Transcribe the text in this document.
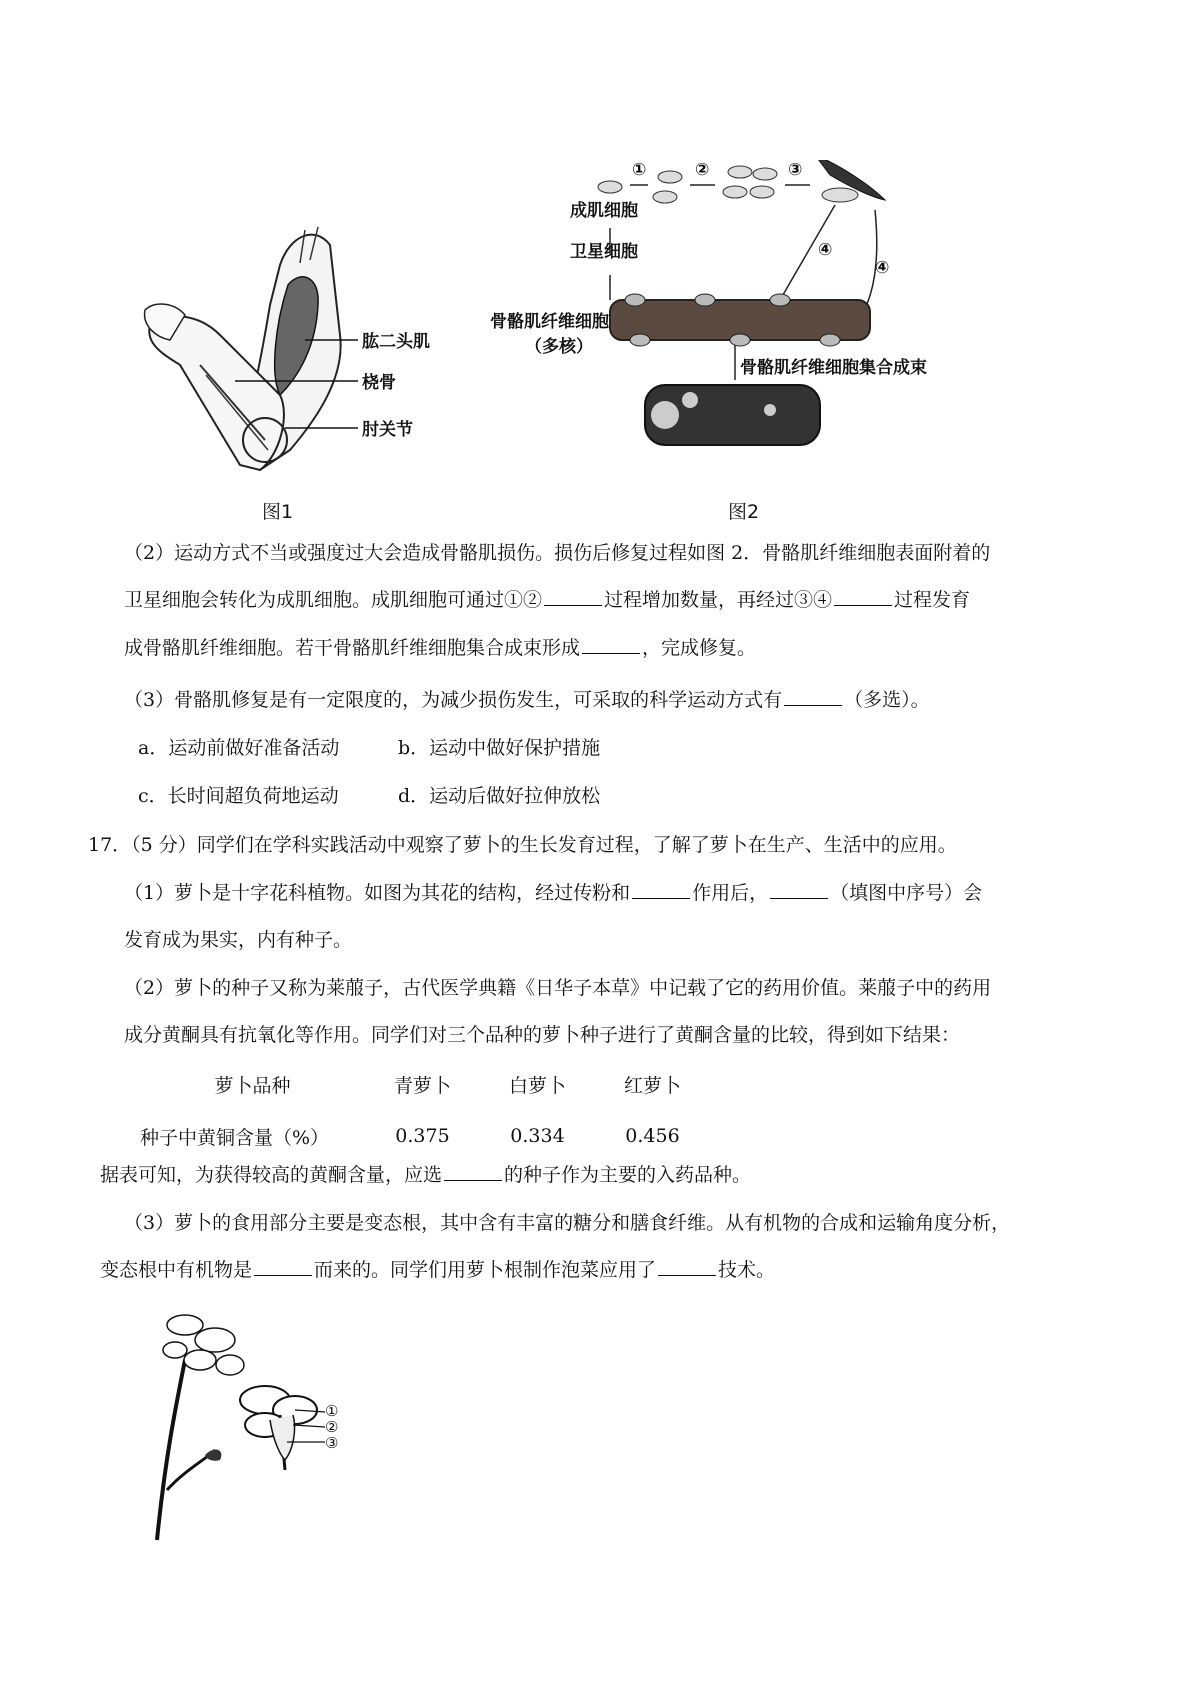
肱二头肌
桡骨
肘关节
图1
①	②	③
④
④
成肌细胞
卫星细胞
骨骼肌纤维细胞
（多核）
骨骼肌纤维细胞集合成束
图2
（2）运动方式不当或强度过大会造成骨骼肌损伤。损伤后修复过程如图 2．骨骼肌纤维细胞表面附着的
卫星细胞会转化为成肌细胞。成肌细胞可通过①②	过程增加数量，再经过③④	过程发育
成骨骼肌纤维细胞。若干骨骼肌纤维细胞集合成束形成	，完成修复。
（3）骨骼肌修复是有一定限度的，为减少损伤发生，可采取的科学运动方式有	（多选）。
a．运动前做好准备活动	b．运动中做好保护措施
c．长时间超负荷地运动	d．运动后做好拉伸放松
17．（5 分）同学们在学科实践活动中观察了萝卜的生长发育过程，了解了萝卜在生产、生活中的应用。
（1）萝卜是十字花科植物。如图为其花的结构，经过传粉和	作用后，	（填图中序号）会
发育成为果实，内有种子。
（2）萝卜的种子又称为莱菔子，古代医学典籍《日华子本草》中记载了它的药用价值。莱菔子中的药用
成分黄酮具有抗氧化等作用。同学们对三个品种的萝卜种子进行了黄酮含量的比较，得到如下结果：
萝卜品种	青萝卜	白萝卜	红萝卜
种子中黄铜含量（%）	0.375	0.334	0.456
据表可知，为获得较高的黄酮含量，应选	的种子作为主要的入药品种。
（3）萝卜的食用部分主要是变态根，其中含有丰富的糖分和膳食纤维。从有机物的合成和运输角度分析，
变态根中有机物是	而来的。同学们用萝卜根制作泡菜应用了	技术。
①
②
③
